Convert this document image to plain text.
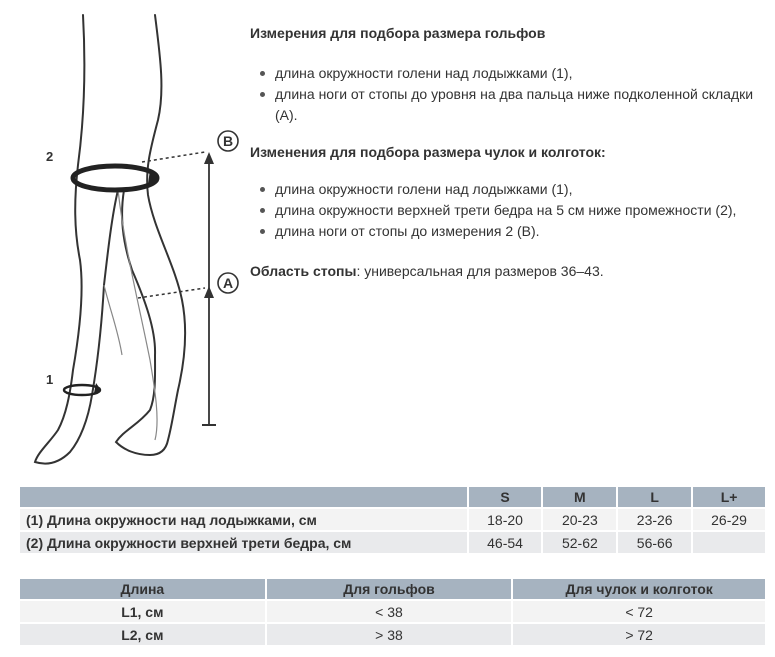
B
A
2
1

Измерения для подбора размера гольфов

длина окружности голени над лодыжками (1),
длина ноги от стопы до уровня на два пальца ниже подколенной складки (A).

Изменения для подбора размера чулок и колготок:

длина окружности голени над лодыжками (1),
длина окружности верхней трети бедра на 5 см ниже промежности (2),
длина ноги от стопы до измерения 2 (B).

Область стопы: универсальная для размеров 36–43.

	S	M	L	L+
(1) Длина окружности над лодыжками, см	18-20	20-23	23-26	26-29
(2) Длина окружности верхней трети бедра, см	46-54	52-62	56-66	
Длина	Для гольфов	Для чулок и колготок
L1, см	< 38	< 72
L2, см	> 38	> 72
